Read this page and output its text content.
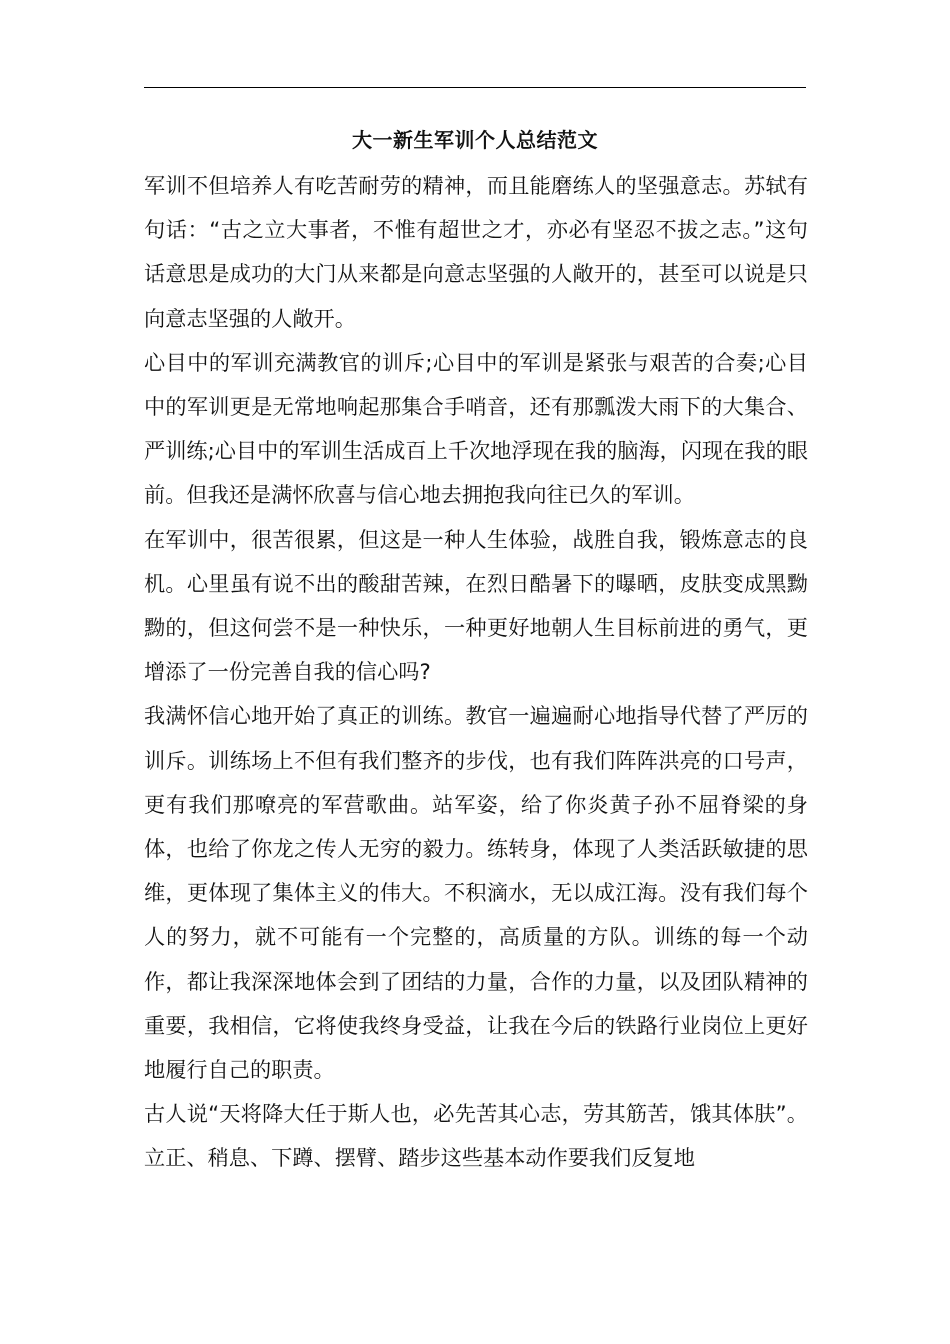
大一新生军训个人总结范文

军训不但培养人有吃苦耐劳的精神，而且能磨练人的坚强意志。苏轼有句话：“古之立大事者，不惟有超世之才，亦必有坚忍不拔之志。”这句话意思是成功的大门从来都是向意志坚强的人敞开的，甚至可以说是只向意志坚强的人敞开。

心目中的军训充满教官的训斥;心目中的军训是紧张与艰苦的合奏;心目中的军训更是无常地响起那集合手哨音，还有那瓢泼大雨下的大集合、严训练;心目中的军训生活成百上千次地浮现在我的脑海，闪现在我的眼前。但我还是满怀欣喜与信心地去拥抱我向往已久的军训。

在军训中，很苦很累，但这是一种人生体验，战胜自我，锻炼意志的良机。心里虽有说不出的酸甜苦辣，在烈日酷暑下的曝晒，皮肤变成黑黝黝的，但这何尝不是一种快乐，一种更好地朝人生目标前进的勇气，更增添了一份完善自我的信心吗?

我满怀信心地开始了真正的训练。教官一遍遍耐心地指导代替了严厉的训斥。训练场上不但有我们整齐的步伐，也有我们阵阵洪亮的口号声，更有我们那嘹亮的军营歌曲。站军姿，给了你炎黄子孙不屈脊梁的身体，也给了你龙之传人无穷的毅力。练转身，体现了人类活跃敏捷的思维，更体现了集体主义的伟大。不积滴水，无以成江海。没有我们每个人的努力，就不可能有一个完整的，高质量的方队。训练的每一个动作，都让我深深地体会到了团结的力量，合作的力量，以及团队精神的重要，我相信，它将使我终身受益，让我在今后的铁路行业岗位上更好地履行自己的职责。

古人说“天将降大任于斯人也，必先苦其心志，劳其筋苦，饿其体肤”。立正、稍息、下蹲、摆臂、踏步这些基本动作要我们反复地
